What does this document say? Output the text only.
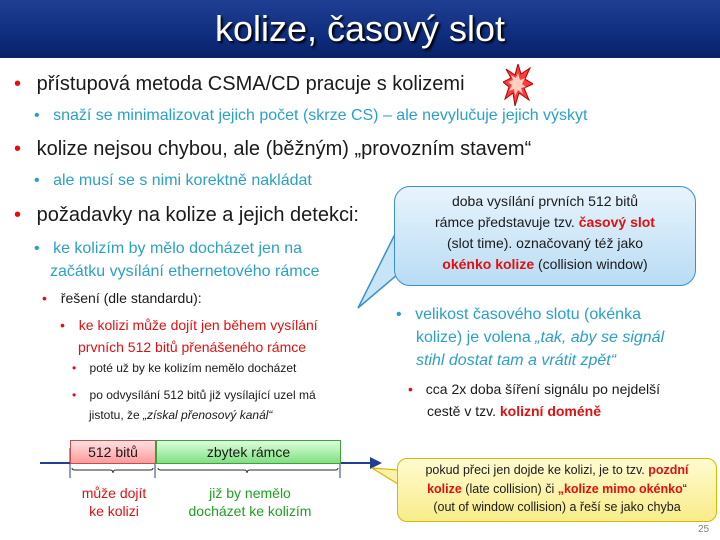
kolize, časový slot
• přístupová metoda CSMA/CD pracuje s kolizemi
• snaží se minimalizovat jejich počet (skrze CS) – ale nevylučuje jejich výskyt
• kolize nejsou chybou, ale (běžným) „provozním stavem“
• ale musí se s nimi korektně nakládat
• požadavky na kolize a jejich detekci:
• ke kolizím by mělo docházet jen na
začátku vysílání ethernetového rámce
• řešení (dle standardu):
• ke kolizi může dojít jen během vysílání
prvních 512 bitů přenášeného rámce
• poté už by ke kolizím nemělo docházet
• po odvysílání 512 bitů již vysílající uzel má
jistotu, že „získal přenosový kanál“
doba vysílání prvních 512 bitů
rámce představuje tzv. časový slot
(slot time). označovaný též jako
okénko kolize (collision window)
• velikost časového slotu (okénka
kolize) je volena „tak, aby se signál
stihl dostat tam a vrátit zpět“
• cca 2x doba šíření signálu po nejdelší
cestě v tzv. kolizní doméně
512 bitů	zbytek rámce
může dojít
ke kolizi
již by nemělo
docházet ke kolizím
pokud přeci jen dojde ke kolizi, je to tzv. pozdní
kolize (late collision) či „kolize mimo okénko“
(out of window collision) a řeší se jako chyba
25
